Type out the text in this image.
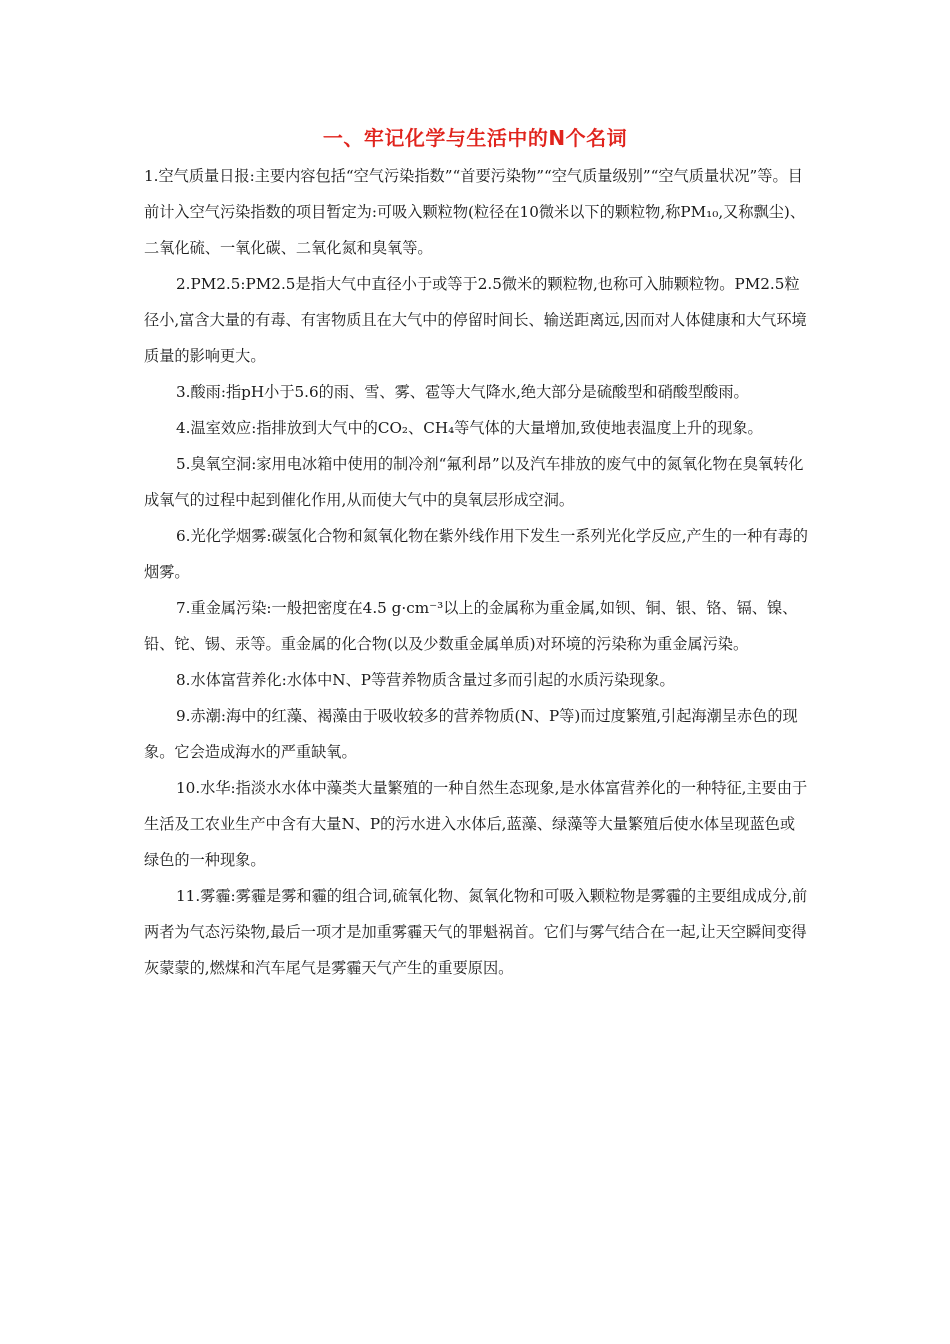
一、牢记化学与生活中的N个名词

1.空气质量日报:主要内容包括“空气污染指数”“首要污染物”“空气质量级别”“空气质量状况”等。目前计入空气污染指数的项目暂定为:可吸入颗粒物(粒径在10微米以下的颗粒物,称PM₁₀,又称飘尘)、二氧化硫、一氧化碳、二氧化氮和臭氧等。

2.PM2.5:PM2.5是指大气中直径小于或等于2.5微米的颗粒物,也称可入肺颗粒物。PM2.5粒径小,富含大量的有毒、有害物质且在大气中的停留时间长、输送距离远,因而对人体健康和大气环境质量的影响更大。

3.酸雨:指pH小于5.6的雨、雪、雾、雹等大气降水,绝大部分是硫酸型和硝酸型酸雨。

4.温室效应:指排放到大气中的CO₂、CH₄等气体的大量增加,致使地表温度上升的现象。

5.臭氧空洞:家用电冰箱中使用的制冷剂“氟利昂”以及汽车排放的废气中的氮氧化物在臭氧转化成氧气的过程中起到催化作用,从而使大气中的臭氧层形成空洞。

6.光化学烟雾:碳氢化合物和氮氧化物在紫外线作用下发生一系列光化学反应,产生的一种有毒的烟雾。

7.重金属污染:一般把密度在4.5 g·cm⁻³以上的金属称为重金属,如钡、铜、银、铬、镉、镍、铅、铊、锡、汞等。重金属的化合物(以及少数重金属单质)对环境的污染称为重金属污染。

8.水体富营养化:水体中N、P等营养物质含量过多而引起的水质污染现象。

9.赤潮:海中的红藻、褐藻由于吸收较多的营养物质(N、P等)而过度繁殖,引起海潮呈赤色的现象。它会造成海水的严重缺氧。

10.水华:指淡水水体中藻类大量繁殖的一种自然生态现象,是水体富营养化的一种特征,主要由于生活及工农业生产中含有大量N、P的污水进入水体后,蓝藻、绿藻等大量繁殖后使水体呈现蓝色或绿色的一种现象。

11.雾霾:雾霾是雾和霾的组合词,硫氧化物、氮氧化物和可吸入颗粒物是雾霾的主要组成成分,前两者为气态污染物,最后一项才是加重雾霾天气的罪魁祸首。它们与雾气结合在一起,让天空瞬间变得灰蒙蒙的,燃煤和汽车尾气是雾霾天气产生的重要原因。
